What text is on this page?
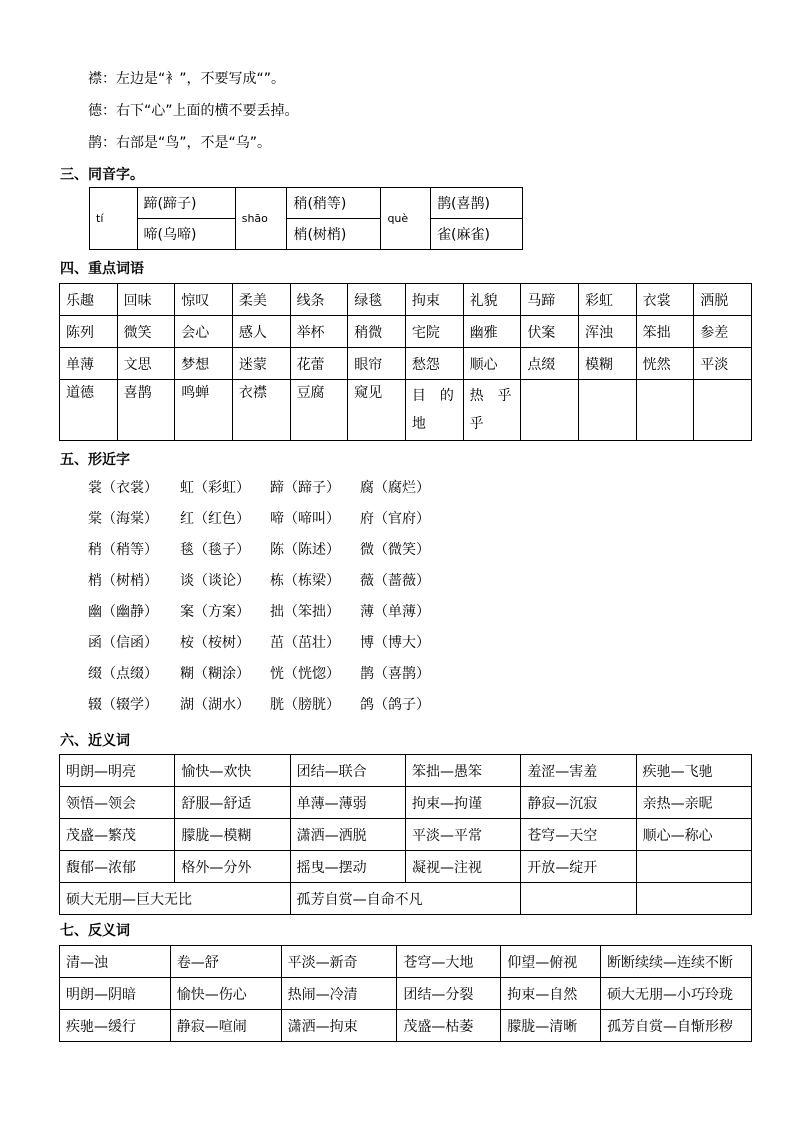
襟：左边是“衤”，不要写成“”。
德：右下“心”上面的横不要丢掉。
鹊：右部是“鸟”，不是“乌”。
三、同音字。
tí	蹄(蹄子)	shāo	稍(稍等)	què	鹊(喜鹊)
	啼(乌啼)		梢(树梢)		雀(麻雀)
四、重点词语
乐趣	回味	惊叹	柔美	线条	绿毯	拘束	礼貌	马蹄	彩虹	衣裳	洒脱
陈列	微笑	会心	感人	举杯	稍微	宅院	幽雅	伏案	浑浊	笨拙	参差
单薄	文思	梦想	迷蒙	花蕾	眼帘	愁怨	顺心	点缀	模糊	恍然	平淡
道德	喜鹊	鸣蝉	衣襟	豆腐	窥见	目　的　地	热　乎　乎				
五、形近字
裳（衣裳） 虹（彩虹） 蹄（蹄子） 腐（腐烂）
棠（海棠） 红（红色） 啼（啼叫） 府（官府）
稍（稍等） 毯（毯子） 陈（陈述） 微（微笑）
梢（树梢） 谈（谈论） 栋（栋梁） 薇（蔷薇）
幽（幽静） 案（方案） 拙（笨拙） 薄（单薄）
函（信函） 桉（桉树） 茁（茁壮） 博（博大）
缀（点缀） 糊（糊涂） 恍（恍惚） 鹊（喜鹊）
辍（辍学） 湖（湖水） 胱（膀胱） 鸽（鸽子）
六、近义词
明朗—明亮	愉快—欢快	团结—联合	笨拙—愚笨	羞涩—害羞	疾驰—飞驰
领悟—领会	舒服—舒适	单薄—薄弱	拘束—拘谨	静寂—沉寂	亲热—亲昵
茂盛—繁茂	朦胧—模糊	潇洒—洒脱	平淡—平常	苍穹—天空	顺心—称心
馥郁—浓郁	格外—分外	摇曳—摆动	凝视—注视	开放—绽开	
硕大无朋—巨大无比		孤芳自赏—自命不凡			
七、反义词
清—浊	卷—舒	平淡—新奇	苍穹—大地	仰望—俯视	断断续续—连续不断
明朗—阴暗	愉快—伤心	热闹—冷清	团结—分裂	拘束—自然	硕大无朋—小巧玲珑
疾驰—缓行	静寂—喧闹	潇洒—拘束	茂盛—枯萎	朦胧—清晰	孤芳自赏—自惭形秽
